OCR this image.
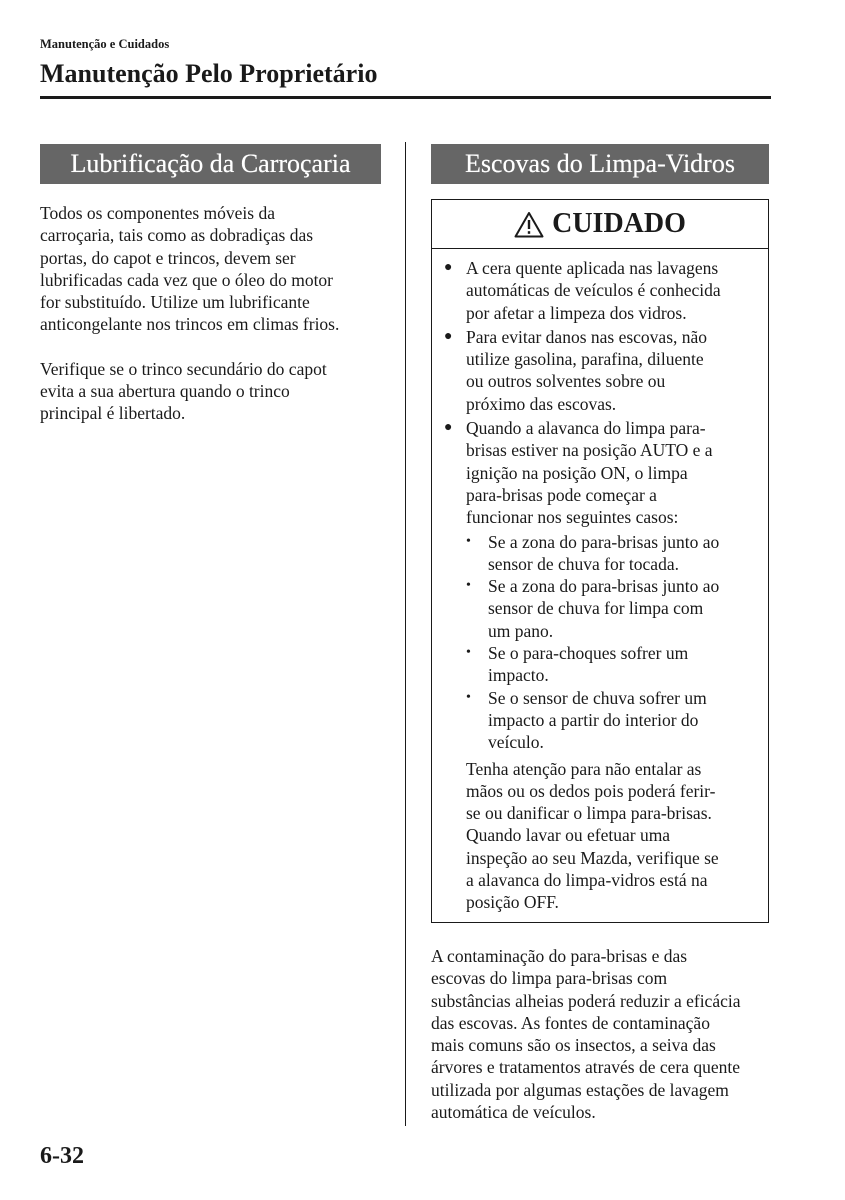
Manutenção e Cuidados
Manutenção Pelo Proprietário
Lubrificação da Carroçaria	Escovas do Limpa-Vidros

Todos os componentes móveis da
carroçaria, tais como as dobradiças das
portas, do capot e trincos, devem ser
lubrificadas cada vez que o óleo do motor
for substituído. Utilize um lubrificante
anticongelante nos trincos em climas frios.

Verifique se o trinco secundário do capot
evita a sua abertura quando o trinco
principal é libertado.

CUIDADO
● A cera quente aplicada nas lavagens
automáticas de veículos é conhecida
por afetar a limpeza dos vidros.
● Para evitar danos nas escovas, não
utilize gasolina, parafina, diluente
ou outros solventes sobre ou
próximo das escovas.
● Quando a alavanca do limpa para-
brisas estiver na posição AUTO e a
ignição na posição ON, o limpa
para-brisas pode começar a
funcionar nos seguintes casos:
• Se a zona do para-brisas junto ao
sensor de chuva for tocada.
• Se a zona do para-brisas junto ao
sensor de chuva for limpa com
um pano.
• Se o para-choques sofrer um
impacto.
• Se o sensor de chuva sofrer um
impacto a partir do interior do
veículo.
Tenha atenção para não entalar as
mãos ou os dedos pois poderá ferir-
se ou danificar o limpa para-brisas.
Quando lavar ou efetuar uma
inspeção ao seu Mazda, verifique se
a alavanca do limpa-vidros está na
posição OFF.
A contaminação do para-brisas e das
escovas do limpa para-brisas com
substâncias alheias poderá reduzir a eficácia
das escovas. As fontes de contaminação
mais comuns são os insectos, a seiva das
árvores e tratamentos através de cera quente
utilizada por algumas estações de lavagem
automática de veículos.
6-32
